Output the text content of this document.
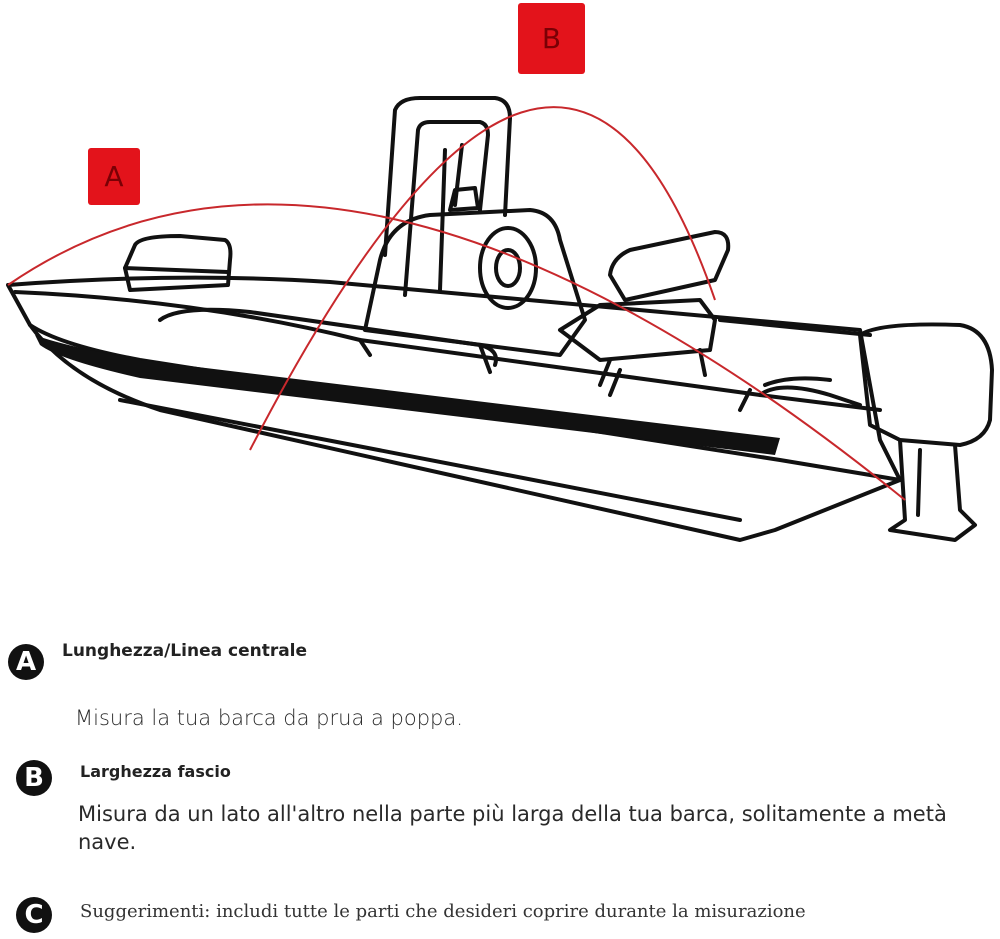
A
B
A	Lunghezza/Linea centrale
Misura la tua barca da prua a poppa.
B	Larghezza fascio
Misura da un lato all'altro nella parte più larga della tua barca, solitamente a metà nave.
C	Suggerimenti: includi tutte le parti che desideri coprire durante la misurazione
